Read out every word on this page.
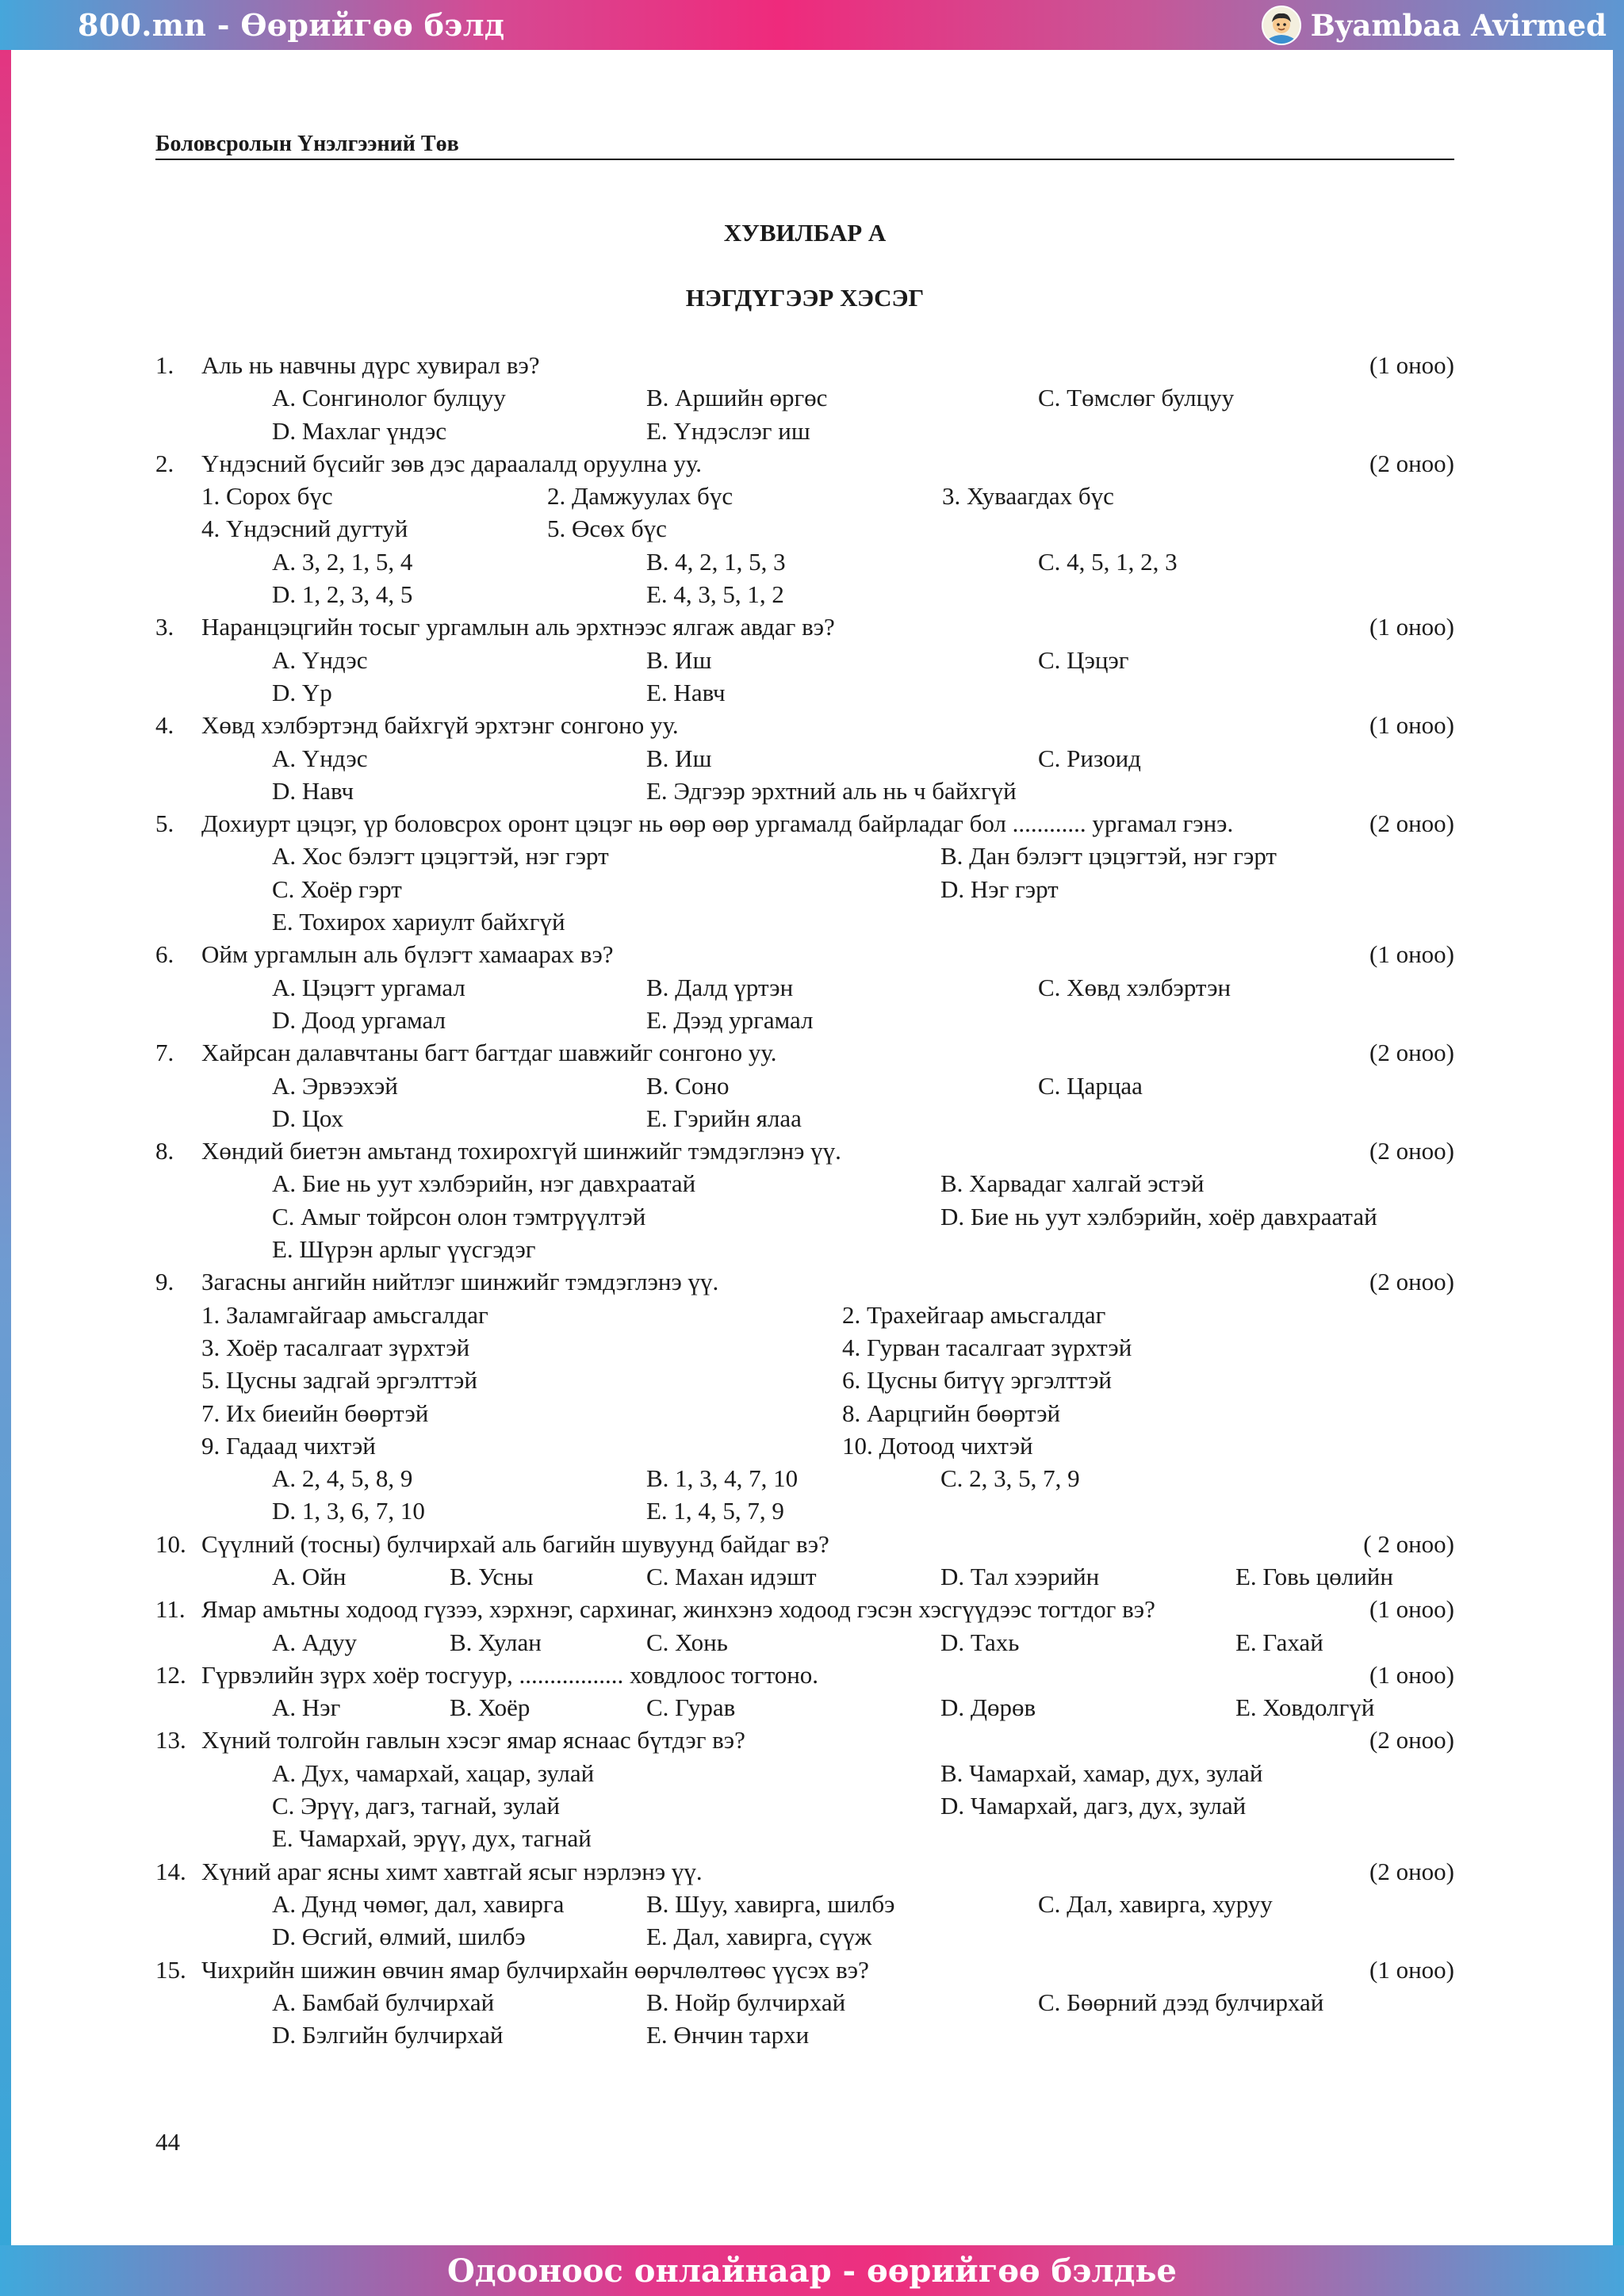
800.mn - Өөрийгөө бэлд	Byambaa Avirmed
Боловсролын Үнэлгээний Төв
ХУВИЛБАР А
НЭГДҮГЭЭР ХЭСЭГ
1. Аль нь навчны дүрс хувирал вэ?	(1 оноо)
А. Сонгинолог булцуу	B. Аршийн өргөс	C. Төмслөг булцуу
D. Махлаг үндэс	E. Үндэслэг иш
2. Үндэсний бүсийг зөв дэс дараалалд оруулна уу.	(2 оноо)
1. Сорох бүс	2. Дамжуулах бүс	3. Хуваагдах бүс
4. Үндэсний дугтуй	5. Өсөх бүс
А. 3, 2, 1, 5, 4	B. 4, 2, 1, 5, 3	C. 4, 5, 1, 2, 3
D. 1, 2, 3, 4, 5	E. 4, 3, 5, 1, 2
3. Наранцэцгийн тосыг ургамлын аль эрхтнээс ялгаж авдаг вэ?	(1 оноо)
А. Үндэс	B. Иш	C. Цэцэг
D. Үр	E. Навч
4. Хөвд хэлбэртэнд байхгүй эрхтэнг сонгоно уу.	(1 оноо)
А. Үндэс	B. Иш	C. Ризоид
D. Навч	E. Эдгээр эрхтний аль нь ч байхгүй
5. Дохиурт цэцэг, үр боловсрох оронт цэцэг нь өөр өөр ургамалд байрладаг бол ............ ургамал гэнэ.	(2 оноо)
А. Хос бэлэгт цэцэгтэй, нэг гэрт	B. Дан бэлэгт цэцэгтэй, нэг гэрт
C. Хоёр гэрт	D. Нэг гэрт
E. Тохирох хариулт байхгүй
6. Ойм ургамлын аль бүлэгт хамаарах вэ?	(1 оноо)
А. Цэцэгт ургамал	B. Далд үртэн	C. Хөвд хэлбэртэн
D. Доод ургамал	E. Дээд ургамал
7. Хайрсан далавчтаны багт багтдаг шавжийг сонгоно уу.	(2 оноо)
А. Эрвээхэй	B. Соно	C. Царцаа
D. Цох	E. Гэрийн ялаа
8. Хөндий биетэн амьтанд тохирохгүй шинжийг тэмдэглэнэ үү.	(2 оноо)
А. Бие нь уут хэлбэрийн, нэг давхраатай	B. Харвадаг халгай эстэй
C. Амыг тойрсон олон тэмтрүүлтэй	D. Бие нь уут хэлбэрийн, хоёр давхраатай
E. Шүрэн арлыг үүсгэдэг
9. Загасны ангийн нийтлэг шинжийг тэмдэглэнэ үү.	(2 оноо)
1. Заламгайгаар амьсгалдаг	2. Трахейгаар амьсгалдаг
3. Хоёр тасалгаат зүрхтэй	4. Гурван тасалгаат зүрхтэй
5. Цусны задгай эргэлттэй	6. Цусны битүү эргэлттэй
7. Их биеийн бөөртэй	8. Аарцгийн бөөртэй
9. Гадаад чихтэй	10. Дотоод чихтэй
А. 2, 4, 5, 8, 9	B. 1, 3, 4, 7, 10	C. 2, 3, 5, 7, 9
D. 1, 3, 6, 7, 10	E. 1, 4, 5, 7, 9
10. Сүүлний (тосны) булчирхай аль багийн шувуунд байдаг вэ?	( 2 оноо)
А. Ойн	B. Усны	C. Махан идэшт	D. Тал хээрийн	E. Говь цөлийн
11. Ямар амьтны ходоод гүзээ, хэрхнэг, сархинаг, жинхэнэ ходоод гэсэн хэсгүүдээс тогтдог вэ?	(1 оноо)
А. Адуу	B. Хулан	C. Хонь	D. Тахь	E. Гахай
12. Гүрвэлийн зүрх хоёр тосгуур, ................. ховдлоос тогтоно.	(1 оноо)
А. Нэг	B. Хоёр	C. Гурав	D. Дөрөв	E. Ховдолгүй
13. Хүний толгойн гавлын хэсэг ямар яснаас бүтдэг вэ?	(2 оноо)
А. Дух, чамархай, хацар, зулай	B. Чамархай, хамар, дух, зулай
C. Эрүү, дагз, тагнай, зулай	D. Чамархай, дагз, дух, зулай
E. Чамархай, эрүү, дух, тагнай
14. Хүний араг ясны химт хавтгай ясыг нэрлэнэ үү.	(2 оноо)
А. Дунд чөмөг, дал, хавирга	B. Шуу, хавирга, шилбэ	C. Дал, хавирга, хуруу
D. Өсгий, өлмий, шилбэ	E. Дал, хавирга, сүүж
15. Чихрийн шижин өвчин ямар булчирхайн өөрчлөлтөөс үүсэх вэ?	(1 оноо)
А. Бамбай булчирхай	B. Нойр булчирхай	C. Бөөрний дээд булчирхай
D. Бэлгийн булчирхай	E. Өнчин тархи
44
Одооноос онлайнаар - өөрийгөө бэлдье
